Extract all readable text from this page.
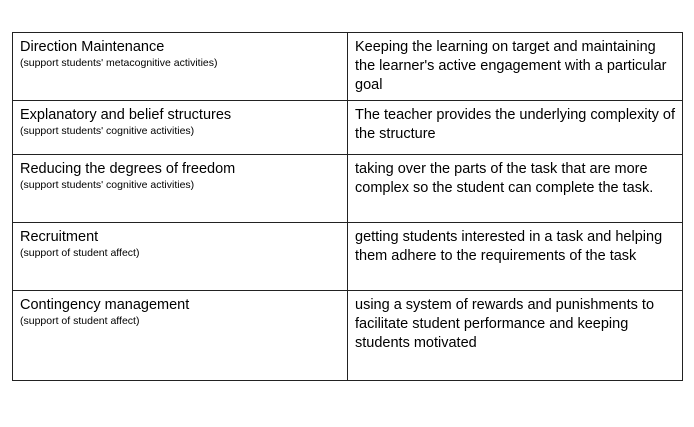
Direction Maintenance
(support students' metacognitive activities)	Keeping the learning on target and maintaining the learner's active engagement with a particular goal

Explanatory and belief structures
(support students' cognitive activities)	The teacher provides the underlying complexity of the structure

Reducing the degrees of freedom
(support students' cognitive activities)	taking over the parts of the task that are more complex so the student can complete the task.

Recruitment
(support of student affect)	getting students interested in a task and helping them adhere to the requirements of the task

Contingency management
(support of student affect)	using a system of rewards and punishments to facilitate student performance and keeping students motivated
